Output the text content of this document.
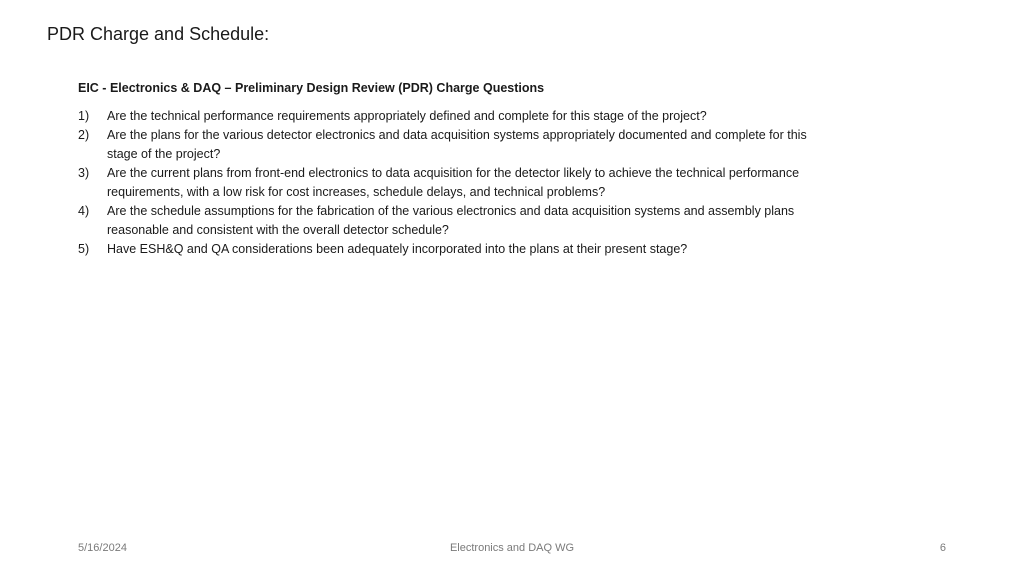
PDR Charge and Schedule:
EIC - Electronics & DAQ – Preliminary Design Review (PDR) Charge Questions
1)	Are the technical performance requirements appropriately defined and complete for this stage of the project?
2)	Are the plans for the various detector electronics and data acquisition systems appropriately documented and complete for this stage of the project?
3)	Are the current plans from front-end electronics to data acquisition for the detector likely to achieve the technical performance requirements, with a low risk for cost increases, schedule delays, and technical problems?
4)	Are the schedule assumptions for the fabrication of the various electronics and data acquisition systems and assembly plans reasonable and consistent with the overall detector schedule?
5)	Have ESH&Q and QA considerations been adequately incorporated into the plans at their present stage?
5/16/2024	Electronics and DAQ WG	6
